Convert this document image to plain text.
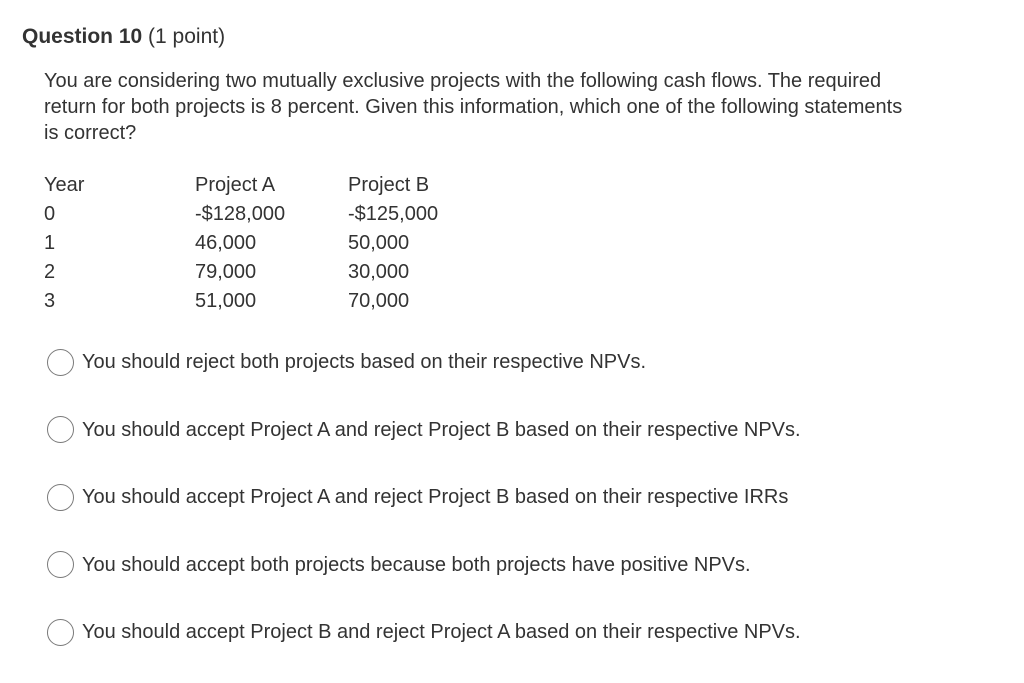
Question 10 (1 point)
You are considering two mutually exclusive projects with the following cash flows. The required return for both projects is 8 percent. Given this information, which one of the following statements is correct?
Year	Project A	Project B
0	-$128,000	-$125,000
1	46,000	50,000
2	79,000	30,000
3	51,000	70,000
You should reject both projects based on their respective NPVs.
You should accept Project A and reject Project B based on their respective NPVs.
You should accept Project A and reject Project B based on their respective IRRs
You should accept both projects because both projects have positive NPVs.
You should accept Project B and reject Project A based on their respective NPVs.
